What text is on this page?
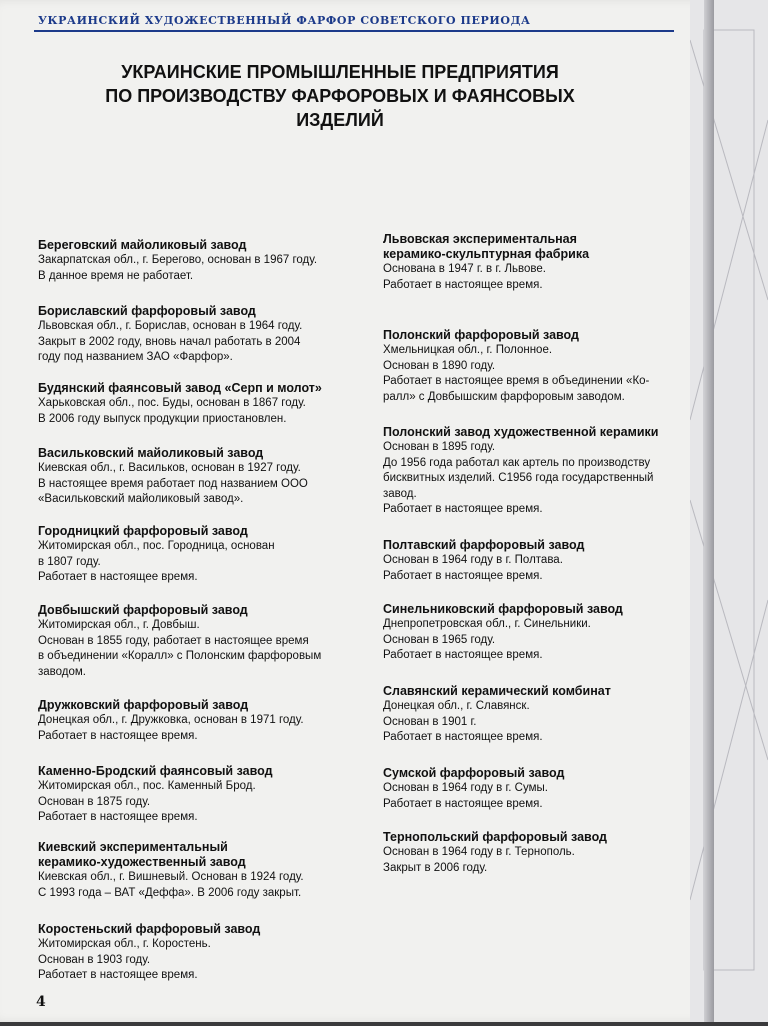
УКРАИНСКИЙ ХУДОЖЕСТВЕННЫЙ ФАРФОР СОВЕТСКОГО ПЕРИОДА
УКРАИНСКИЕ ПРОМЫШЛЕННЫЕ ПРЕДПРИЯТИЯ
ПО ПРОИЗВОДСТВУ ФАРФОРОВЫХ И ФАЯНСОВЫХ
ИЗДЕЛИЙ
Береговский майоликовый завод
Закарпатская обл., г. Берегово, основан в 1967 году.
В данное время не работает.
Бориславский фарфоровый завод
Львовская обл., г. Борислав, основан в 1964 году.
Закрыт в 2002 году, вновь начал работать в 2004
году под названием ЗАО «Фарфор».
Будянский фаянсовый завод «Серп и молот»
Харьковская обл., пос. Буды, основан в 1867 году.
В 2006 году выпуск продукции приостановлен.
Васильковский майоликовый завод
Киевская обл., г. Васильков, основан в 1927 году.
В настоящее время работает под названием ООО
«Васильковский майоликовый завод».
Городницкий фарфоровый завод
Житомирская обл., пос. Городница, основан
в 1807 году.
Работает в настоящее время.
Довбышский фарфоровый завод
Житомирская обл., г. Довбыш.
Основан в 1855 году, работает в настоящее время
в объединении «Коралл» с Полонским фарфоровым
заводом.
Дружковский фарфоровый завод
Донецкая обл., г. Дружковка, основан в 1971 году.
Работает в настоящее время.
Каменно-Бродский фаянсовый завод
Житомирская обл., пос. Каменный Брод.
Основан в 1875 году.
Работает в настоящее время.
Киевский экспериментальный
керамико-художественный завод
Киевская обл., г. Вишневый. Основан в 1924 году.
С 1993 года – ВАТ «Деффа». В 2006 году закрыт.
Коростеньский фарфоровый завод
Житомирская обл., г. Коростень.
Основан в 1903 году.
Работает в настоящее время.
Львовская экспериментальная
керамико-скульптурная фабрика
Основана в 1947 г. в г. Львове.
Работает в настоящее время.
Полонский фарфоровый завод
Хмельницкая обл., г. Полонное.
Основан в 1890 году.
Работает в настоящее время в объединении «Ко-
ралл» с Довбышским фарфоровым заводом.
Полонский завод художественной керамики
Основан в 1895 году.
До 1956 года работал как артель по производству
бисквитных изделий. С1956 года государственный
завод.
Работает в настоящее время.
Полтавский фарфоровый завод
Основан в 1964 году в г. Полтава.
Работает в настоящее время.
Синельниковский фарфоровый завод
Днепропетровская обл., г. Синельники.
Основан в 1965 году.
Работает в настоящее время.
Славянский керамический комбинат
Донецкая обл., г. Славянск.
Основан в 1901 г.
Работает в настоящее время.
Сумской фарфоровый завод
Основан в 1964 году в г. Сумы.
Работает в настоящее время.
Тернопольский фарфоровый завод
Основан в 1964 году в г. Тернополь.
Закрыт в 2006 году.
4
